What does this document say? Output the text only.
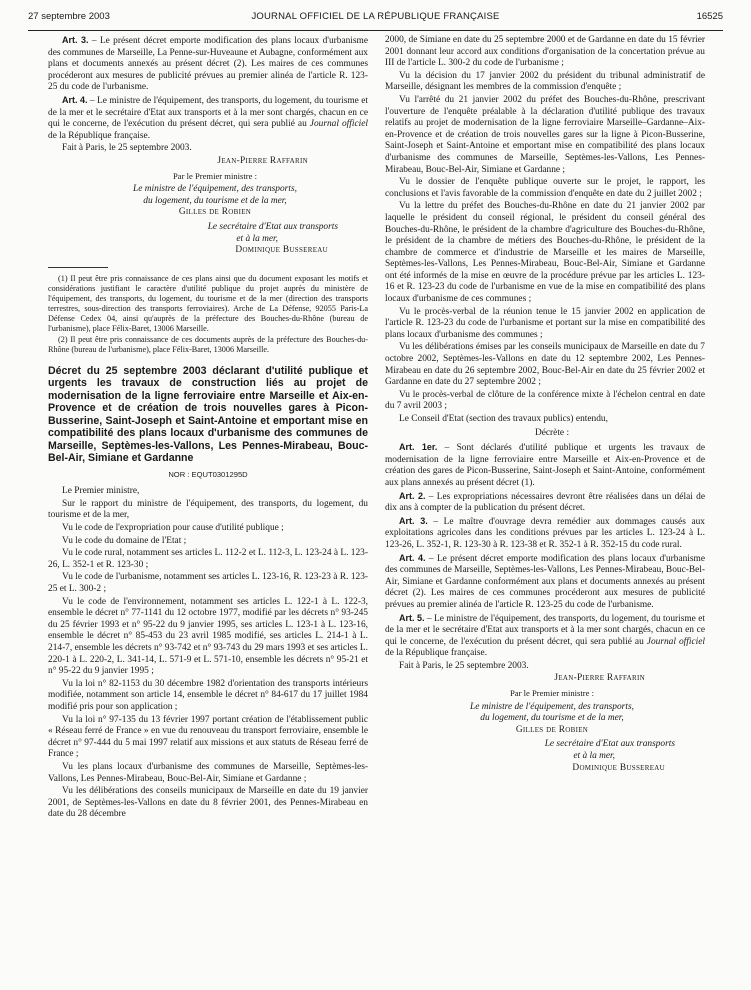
27 septembre 2003	JOURNAL OFFICIEL DE LA RÉPUBLIQUE FRANÇAISE	16525

Art. 3. – Le présent décret emporte modification des plans locaux d'urbanisme des communes de Marseille, La Penne-sur-Huveaune et Aubagne, conformément aux plans et documents annexés au présent décret (2). Les maires de ces communes procéderont aux mesures de publicité prévues au premier alinéa de l'article R. 123-25 du code de l'urbanisme.

Art. 4. – Le ministre de l'équipement, des transports, du logement, du tourisme et de la mer et le secrétaire d'Etat aux transports et à la mer sont chargés, chacun en ce qui le concerne, de l'exécution du présent décret, qui sera publié au Journal officiel de la République française.

Fait à Paris, le 25 septembre 2003.

Jean-Pierre Raffarin

Par le Premier ministre :

Le ministre de l'équipement, des transports,

du logement, du tourisme et de la mer,

Gilles de Robien

Le secrétaire d'Etat aux transports

et à la mer,

Dominique Bussereau

(1) Il peut être pris connaissance de ces plans ainsi que du document exposant les motifs et considérations justifiant le caractère d'utilité publique du projet auprès du ministère de l'équipement, des transports, du logement, du tourisme et de la mer (direction des transports terrestres, sous-direction des transports ferroviaires). Arche de La Défense, 92055 Paris-La Défense Cedex 04, ainsi qu'auprès de la préfecture des Bouches-du-Rhône (bureau de l'urbanisme), place Félix-Baret, 13006 Marseille.

(2) Il peut être pris connaissance de ces documents auprès de la préfecture des Bouches-du-Rhône (bureau de l'urbanisme), place Félix-Baret, 13006 Marseille.

Décret du 25 septembre 2003 déclarant d'utilité publique et urgents les travaux de construction liés au projet de modernisation de la ligne ferroviaire entre Marseille et Aix-en-Provence et de création de trois nouvelles gares à Picon-Busserine, Saint-Joseph et Saint-Antoine et emportant mise en compatibilité des plans locaux d'urbanisme des communes de Marseille, Septèmes-les-Vallons, Les Pennes-Mirabeau, Bouc-Bel-Air, Simiane et Gardanne
NOR : EQUT0301295D

Le Premier ministre,

Sur le rapport du ministre de l'équipement, des transports, du logement, du tourisme et de la mer,

Vu le code de l'expropriation pour cause d'utilité publique ;

Vu le code du domaine de l'Etat ;

Vu le code rural, notamment ses articles L. 112-2 et L. 112-3, L. 123-24 à L. 123-26, L. 352-1 et R. 123-30 ;

Vu le code de l'urbanisme, notamment ses articles L. 123-16, R. 123-23 à R. 123-25 et L. 300-2 ;

Vu le code de l'environnement, notamment ses articles L. 122-1 à L. 122-3, ensemble le décret n° 77-1141 du 12 octobre 1977, modifié par les décrets n° 93-245 du 25 février 1993 et n° 95-22 du 9 janvier 1995, ses articles L. 123-1 à L. 123-16, ensemble le décret n° 85-453 du 23 avril 1985 modifié, ses articles L. 214-1 à L. 214-7, ensemble les décrets n° 93-742 et n° 93-743 du 29 mars 1993 et ses articles L. 220-1 à L. 220-2, L. 341-14, L. 571-9 et L. 571-10, ensemble les décrets n° 95-21 et n° 95-22 du 9 janvier 1995 ;

Vu la loi n° 82-1153 du 30 décembre 1982 d'orientation des transports intérieurs modifiée, notamment son article 14, ensemble le décret n° 84-617 du 17 juillet 1984 modifié pris pour son application ;

Vu la loi n° 97-135 du 13 février 1997 portant création de l'établissement public « Réseau ferré de France » en vue du renouveau du transport ferroviaire, ensemble le décret n° 97-444 du 5 mai 1997 relatif aux missions et aux statuts de Réseau ferré de France ;

Vu les plans locaux d'urbanisme des communes de Marseille, Septèmes-les-Vallons, Les Pennes-Mirabeau, Bouc-Bel-Air, Simiane et Gardanne ;

Vu les délibérations des conseils municipaux de Marseille en date du 19 janvier 2001, de Septèmes-les-Vallons en date du 8 février 2001, des Pennes-Mirabeau en date du 28 décembre

2000, de Simiane en date du 25 septembre 2000 et de Gardanne en date du 15 février 2001 donnant leur accord aux conditions d'organisation de la concertation prévue au III de l'article L. 300-2 du code de l'urbanisme ;

Vu la décision du 17 janvier 2002 du président du tribunal administratif de Marseille, désignant les membres de la commission d'enquête ;

Vu l'arrêté du 21 janvier 2002 du préfet des Bouches-du-Rhône, prescrivant l'ouverture de l'enquête préalable à la déclaration d'utilité publique des travaux relatifs au projet de modernisation de la ligne ferroviaire Marseille–Gardanne–Aix-en-Provence et de création de trois nouvelles gares sur la ligne à Picon-Busserine, Saint-Joseph et Saint-Antoine et emportant mise en compatibilité des plans locaux d'urbanisme des communes de Marseille, Septèmes-les-Vallons, Les Pennes-Mirabeau, Bouc-Bel-Air, Simiane et Gardanne ;

Vu le dossier de l'enquête publique ouverte sur le projet, le rapport, les conclusions et l'avis favorable de la commission d'enquête en date du 2 juillet 2002 ;

Vu la lettre du préfet des Bouches-du-Rhône en date du 21 janvier 2002 par laquelle le président du conseil régional, le président du conseil général des Bouches-du-Rhône, le président de la chambre d'agriculture des Bouches-du-Rhône, le président de la chambre de métiers des Bouches-du-Rhône, le président de la chambre de commerce et d'industrie de Marseille et les maires de Marseille, Septèmes-les-Vallons, Les Pennes-Mirabeau, Bouc-Bel-Air, Simiane et Gardanne ont été informés de la mise en œuvre de la procédure prévue par les articles L. 123-16 et R. 123-23 du code de l'urbanisme en vue de la mise en compatibilité des plans locaux d'urbanisme de ces communes ;

Vu le procès-verbal de la réunion tenue le 15 janvier 2002 en application de l'article R. 123-23 du code de l'urbanisme et portant sur la mise en compatibilité des plans locaux d'urbanisme des communes ;

Vu les délibérations émises par les conseils municipaux de Marseille en date du 7 octobre 2002, Septèmes-les-Vallons en date du 12 septembre 2002, Les Pennes-Mirabeau en date du 26 septembre 2002, Bouc-Bel-Air en date du 25 février 2002 et Gardanne en date du 27 septembre 2002 ;

Vu le procès-verbal de clôture de la conférence mixte à l'échelon central en date du 7 avril 2003 ;

Le Conseil d'Etat (section des travaux publics) entendu,

Décrète :

Art. 1er. – Sont déclarés d'utilité publique et urgents les travaux de modernisation de la ligne ferroviaire entre Marseille et Aix-en-Provence et de création des gares de Picon-Busserine, Saint-Joseph et Saint-Antoine, conformément aux plans annexés au présent décret (1).

Art. 2. – Les expropriations nécessaires devront être réalisées dans un délai de dix ans à compter de la publication du présent décret.

Art. 3. – Le maître d'ouvrage devra remédier aux dommages causés aux exploitations agricoles dans les conditions prévues par les articles L. 123-24 à L. 123-26, L. 352-1, R. 123-30 à R. 123-38 et R. 352-1 à R. 352-15 du code rural.

Art. 4. – Le présent décret emporte modification des plans locaux d'urbanisme des communes de Marseille, Septèmes-les-Vallons, Les Pennes-Mirabeau, Bouc-Bel-Air, Simiane et Gardanne conformément aux plans et documents annexés au présent décret (2). Les maires de ces communes procéderont aux mesures de publicité prévues au premier alinéa de l'article R. 123-25 du code de l'urbanisme.

Art. 5. – Le ministre de l'équipement, des transports, du logement, du tourisme et de la mer et le secrétaire d'Etat aux transports et à la mer sont chargés, chacun en ce qui le concerne, de l'exécution du présent décret, qui sera publié au Journal officiel de la République française.

Fait à Paris, le 25 septembre 2003.

Jean-Pierre Raffarin

Par le Premier ministre :

Le ministre de l'équipement, des transports,

du logement, du tourisme et de la mer,

Gilles de Robien

Le secrétaire d'Etat aux transports

et à la mer,

Dominique Bussereau
